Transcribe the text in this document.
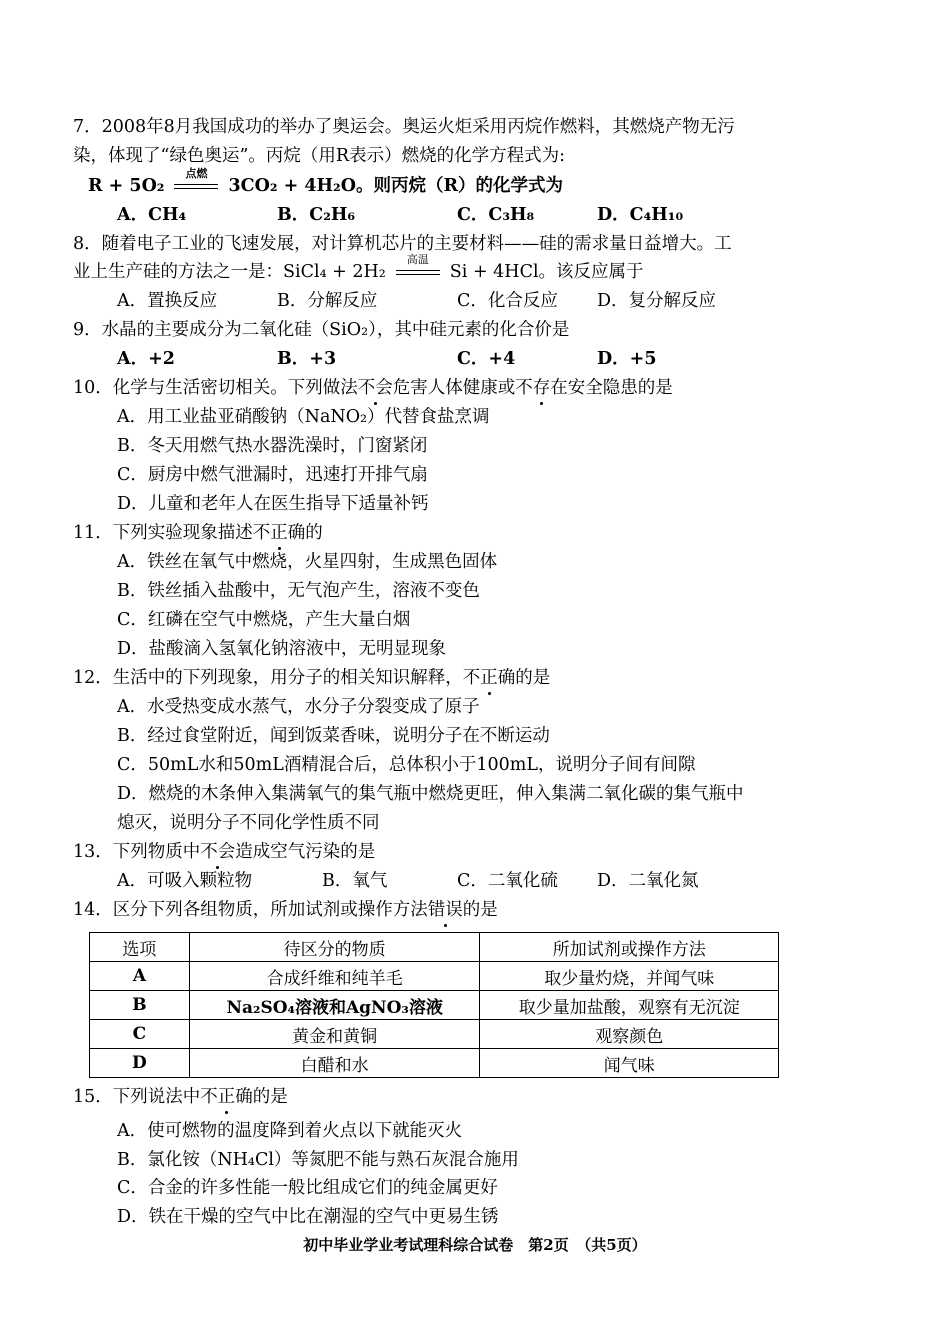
7．2008年8月我国成功的举办了奥运会。奥运火炬采用丙烷作燃料，其燃烧产物无污
染，体现了“绿色奥运”。丙烷（用R表示）燃烧的化学方程式为:
R + 5O₂
点燃
3CO₂ + 4H₂O。则丙烷（R）的化学式为
A．CH₄	B．C₂H₆	C．C₃H₈	D．C₄H₁₀
8．随着电子工业的飞速发展，对计算机芯片的主要材料——硅的需求量日益增大。工
业上生产硅的方法之一是：SiCl₄ + 2H₂
高温
Si + 4HCl。该反应属于
A．置换反应	B．分解反应	C．化合反应 D．复分解反应
9．水晶的主要成分为二氧化硅（SiO₂），其中硅元素的化合价是
A．+2	B．+3	C．+4	D．+5
10．化学与生活密切相关。下列做法不会危害人体健康或不存在安全隐患的是
A．用工业盐亚硝酸钠（NaNO₂）代替食盐烹调
B．冬天用燃气热水器洗澡时，门窗紧闭
C．厨房中燃气泄漏时，迅速打开排气扇
D．儿童和老年人在医生指导下适量补钙
11．下列实验现象描述不正确的
A．铁丝在氧气中燃烧，火星四射，生成黑色固体
B．铁丝插入盐酸中，无气泡产生，溶液不变色
C．红磷在空气中燃烧，产生大量白烟
D．盐酸滴入氢氧化钠溶液中，无明显现象
12．生活中的下列现象，用分子的相关知识解释，不正确的是
A．水受热变成水蒸气，水分子分裂变成了原子
B．经过食堂附近，闻到饭菜香味，说明分子在不断运动
C．50mL水和50mL酒精混合后，总体积小于100mL，说明分子间有间隙
D．燃烧的木条伸入集满氧气的集气瓶中燃烧更旺，伸入集满二氧化碳的集气瓶中
熄灭，说明分子不同化学性质不同
13．下列物质中不会造成空气污染的是
A．可吸入颗粒物	B．氧气	C．二氧化硫 D．二氧化氮
14．区分下列各组物质，所加试剂或操作方法错误的是
选项	待区分的物质	所加试剂或操作方法
A	合成纤维和纯羊毛	取少量灼烧，并闻气味
B	Na₂SO₄溶液和AgNO₃溶液	取少量加盐酸，观察有无沉淀
C	黄金和黄铜	观察颜色
D	白醋和水	闻气味
15．下列说法中不正确的是
A．使可燃物的温度降到着火点以下就能灭火
B．氯化铵（NH₄Cl）等氮肥不能与熟石灰混合施用
C．合金的许多性能一般比组成它们的纯金属更好
D．铁在干燥的空气中比在潮湿的空气中更易生锈
初中毕业学业考试理科综合试卷　第2页　（共5页）
